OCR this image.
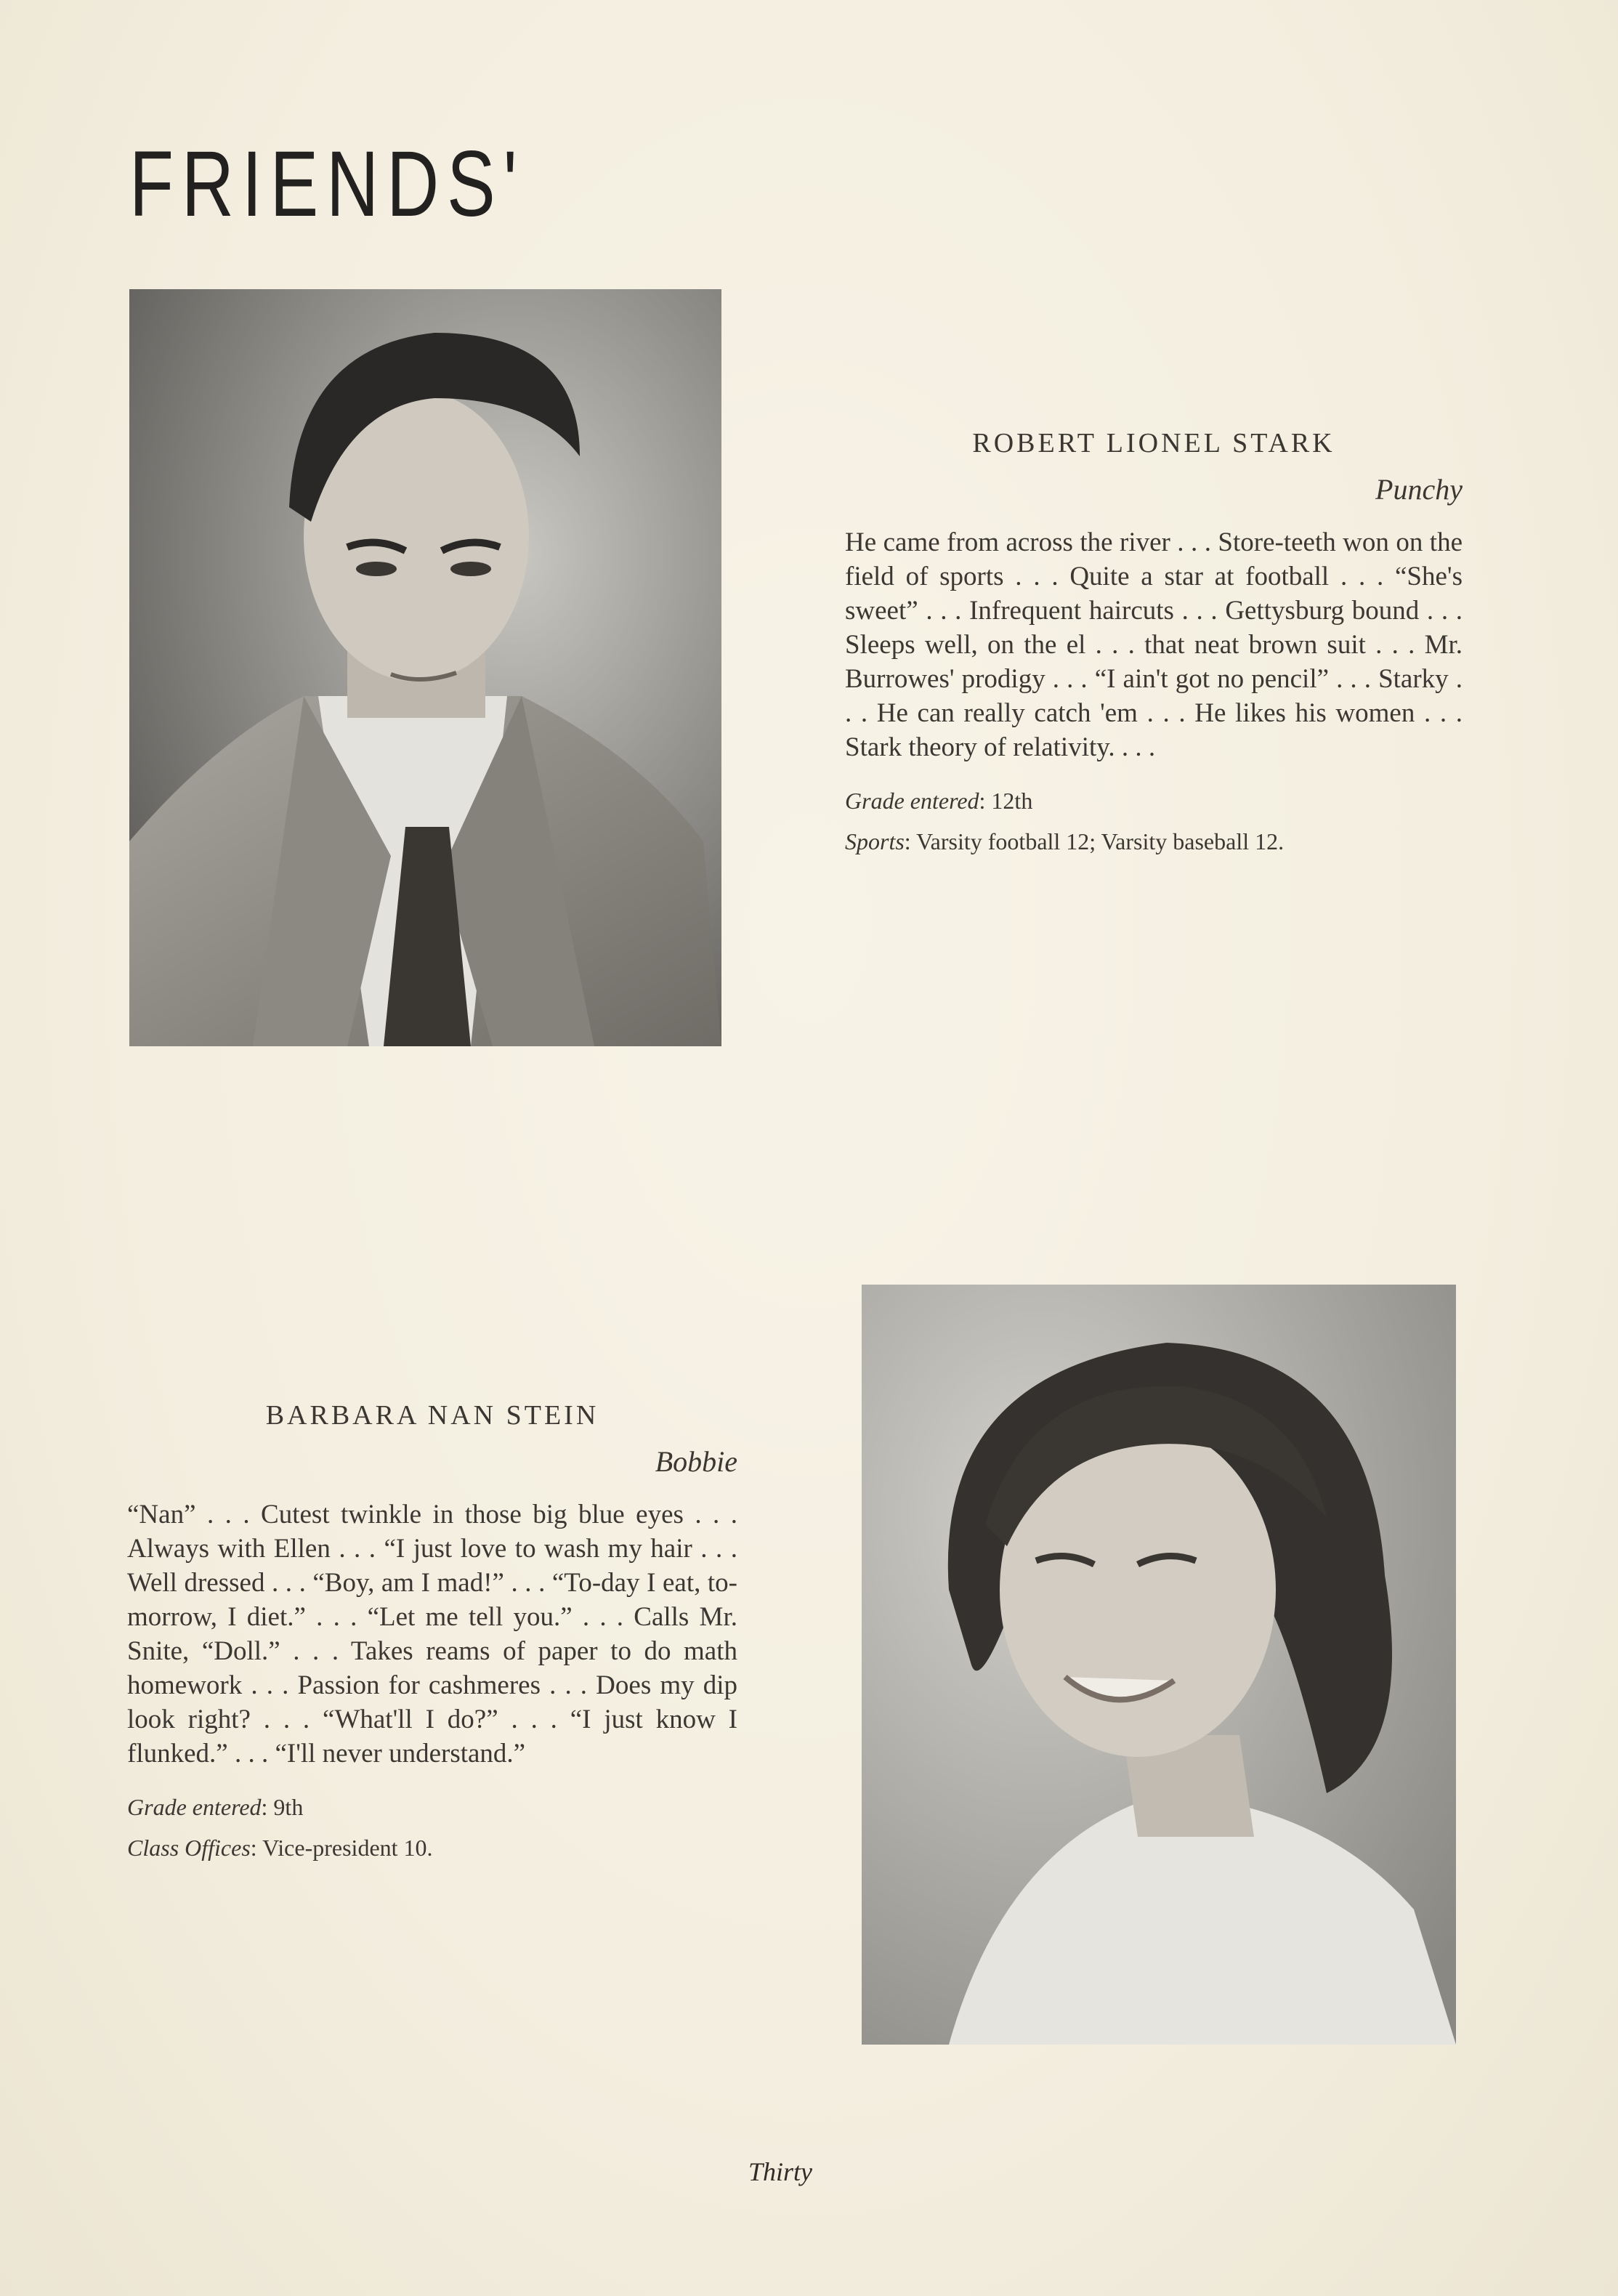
FRIENDS'
ROBERT LIONEL STARK
Punchy
He came from across the river . . . Store-teeth won on the field of sports . . . Quite a star at football . . . “She's sweet” . . . Infrequent haircuts . . . Gettysburg bound . . . Sleeps well, on the el . . . that neat brown suit . . . Mr. Burrowes' prodigy . . . “I ain't got no pencil” . . . Starky . . . He can really catch 'em . . . He likes his women . . . Stark theory of relativity. . . .
Grade entered: 12th
Sports: Varsity football 12; Varsity baseball 12.
BARBARA NAN STEIN
Bobbie
“Nan” . . . Cutest twinkle in those big blue eyes . . . Always with Ellen . . . “I just love to wash my hair . . . Well dressed . . . “Boy, am I mad!” . . . “To-day I eat, to-morrow, I diet.” . . . “Let me tell you.” . . . Calls Mr. Snite, “Doll.” . . . Takes reams of paper to do math homework . . . Passion for cashmeres . . . Does my dip look right? . . . “What'll I do?” . . . “I just know I flunked.” . . . “I'll never understand.”
Grade entered: 9th
Class Offices: Vice-president 10.
Thirty
